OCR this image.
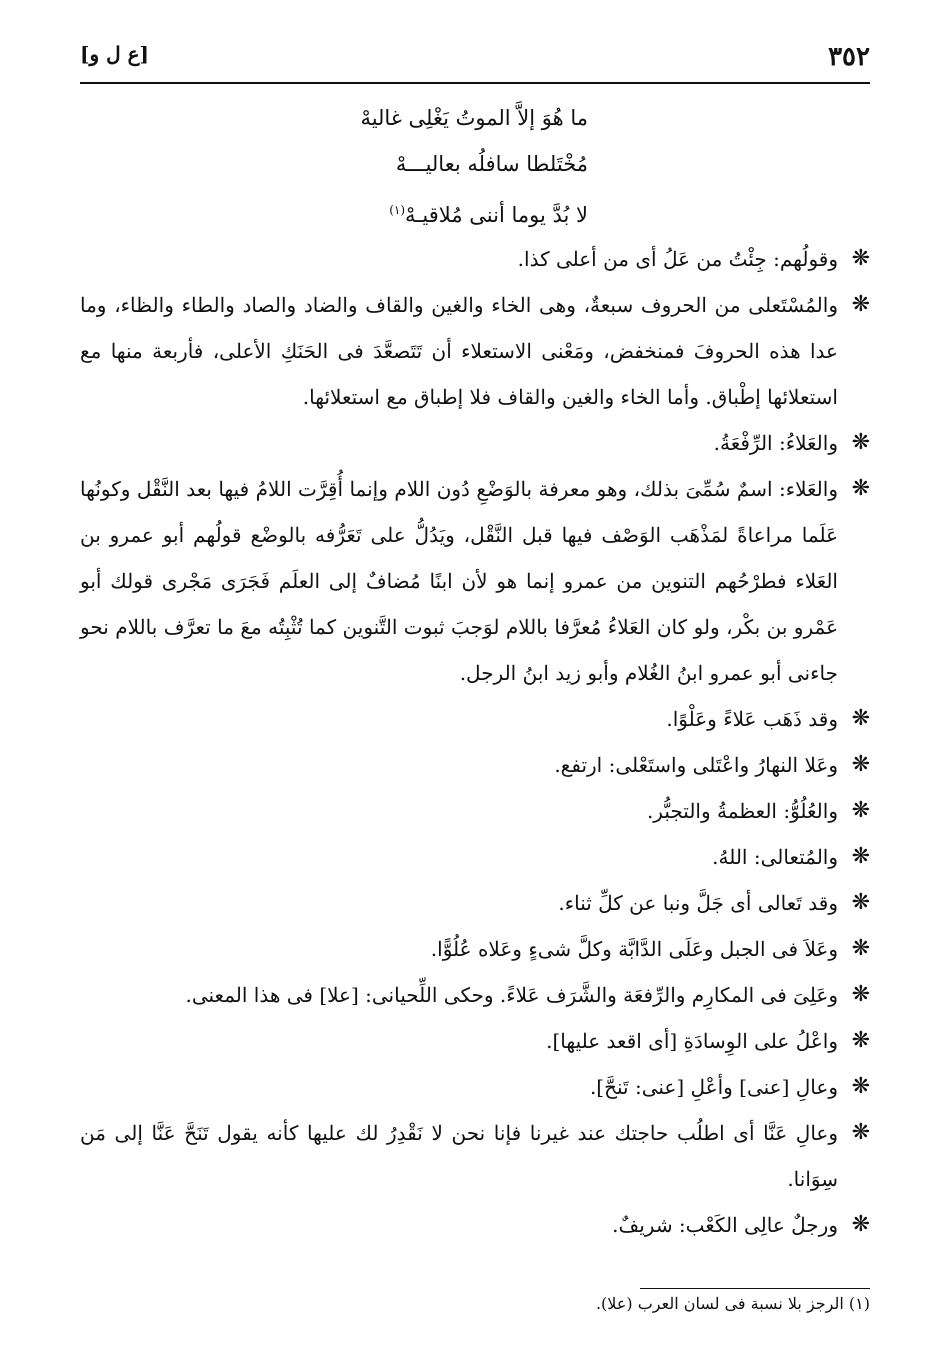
٣٥٢
[ع ل و]
ما هُوَ إلاَّ الموتُ يَغْلِى غاليهْ
مُخْتَلطا سافلُه بعاليـــهْ
لا بُدَّ يوما أننى مُلاقيـهْ$^{(١)}$
❋
وقولُهم: جِئْتُ من عَلُ أى من أعلى كذا.
❋
والمُسْتَعلى من الحروف سبعةٌ، وهى الخاء والغين والقاف والضاد والصاد والطاء والظاء، وما عدا هذه الحروفَ فمنخفض، ومَعْنى الاستعلاء أن تَتَصعَّدَ فى الحَنَكِ الأعلى، فأربعة منها مع استعلائها إطْباق. وأما الخاء والغين والقاف فلا إطباق مع استعلائها.
❋
والعَلاءُ: الرِّفْعَةُ.
❋
والعَلاء: اسمٌ سُمِّىَ بذلك، وهو معرفة بالوَضْعِ دُون اللام وإنما أُقِرَّت اللامُ فيها بعد النَّقْل وكونُها عَلَما مراعاةً لمَذْهَب الوَصْف فيها قبل النَّقْل، ويَدُلُّ على تَعَرُّفه بالوضْع قولُهم أبو عمرو بن العَلاء فطرْحُهم التنوين من عمرو إنما هو لأن ابنًا مُضافٌ إلى العلَم فَجَرَى مَجْرى قولك أبو عَمْرو بن بكْر، ولو كان العَلاءُ مُعرَّفا باللام لوَجبَ ثبوت التَّنوين كما تُثْبِتُه معَ ما تعرَّف باللام نحو جاءنى أبو عمرو ابنُ الغُلام وأبو زيد ابنُ الرجل.
❋
وقد ذَهَب عَلاءً وعَلْوًا.
❋
وعَلا النهارُ واعْتَلى واستَعْلى: ارتفع.
❋
والعُلُوُّ: العظمةُ والتجبُّر.
❋
والمُتعالى: اللهُ.
❋
وقد تَعالى أى جَلَّ ونبا عن كلِّ ثناء.
❋
وعَلاَ فى الجبل وعَلَى الدَّابَّة وكلَّ شىءٍ وعَلاه عُلُوًّا.
❋
وعَلِىَ فى المكارِم والرِّفعَة والشَّرَف عَلاءً. وحكى اللِّحيانى: [علا] فى هذا المعنى.
❋
واعْلُ على الوِسادَةِ [أى اقعد عليها].
❋
وعالِ [عنى] وأعْلِ [عنى: تَنحَّ].
❋
وعالِ عَنَّا أى اطلُب حاجتك عند غيرنا فإنا نحن لا نَقْدِرُ لك عليها كأنه يقول تَنَحَّ عَنَّا إلى مَن سِوَانا.
❋
ورجلٌ عالِى الكَعْب: شريفٌ.
(١) الرجز بلا نسبة فى لسان العرب (علا).
